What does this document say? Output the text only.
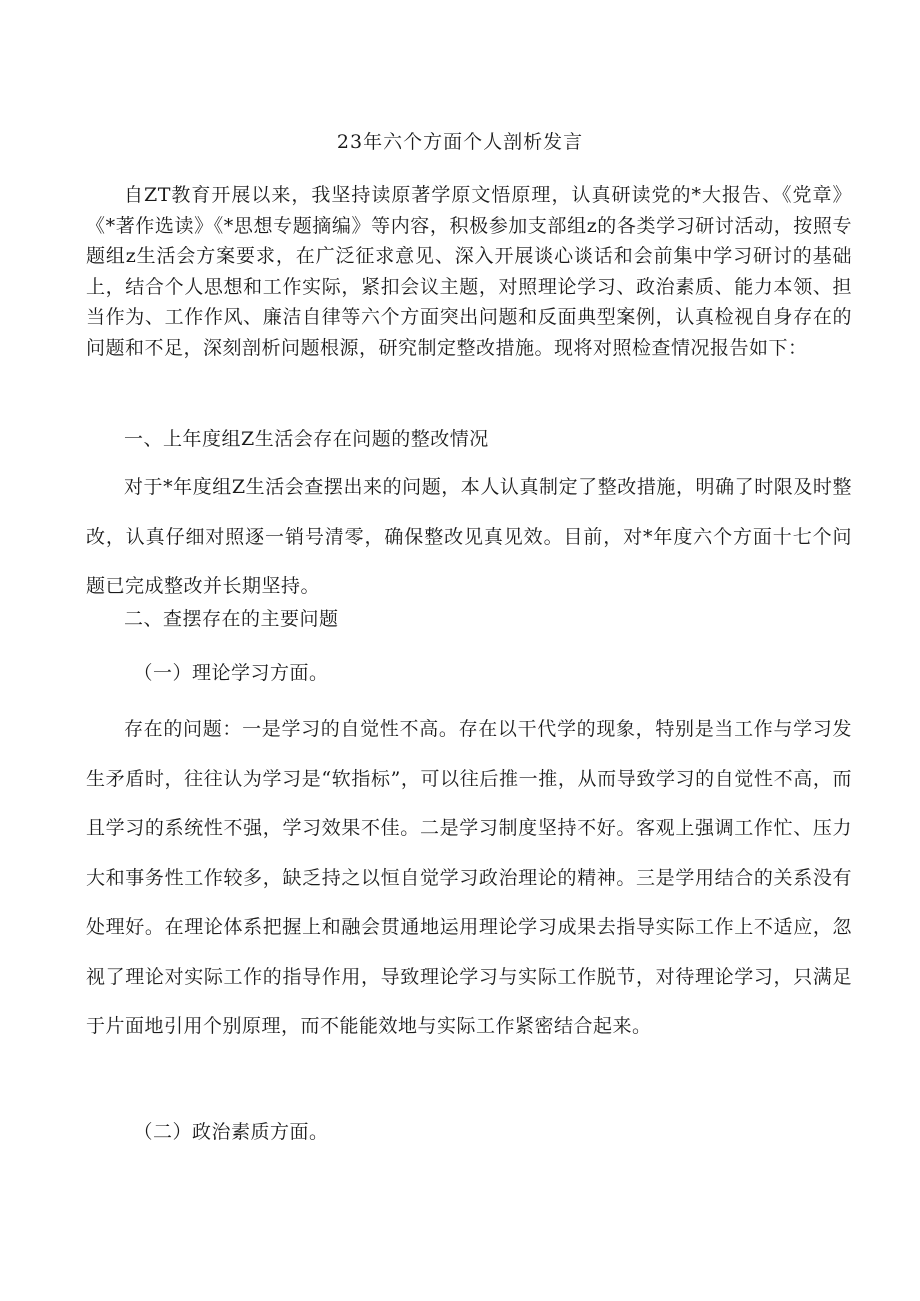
23年六个方面个人剖析发言

自ZT教育开展以来，我坚持读原著学原文悟原理，认真研读党的*大报告、《党章》《*著作选读》《*思想专题摘编》等内容，积极参加支部组z的各类学习研讨活动，按照专题组z生活会方案要求，在广泛征求意见、深入开展谈心谈话和会前集中学习研讨的基础上，结合个人思想和工作实际，紧扣会议主题，对照理论学习、政治素质、能力本领、担当作为、工作作风、廉洁自律等六个方面突出问题和反面典型案例，认真检视自身存在的问题和不足，深刻剖析问题根源，研究制定整改措施。现将对照检查情况报告如下：

一、上年度组Z生活会存在问题的整改情况

对于*年度组Z生活会查摆出来的问题，本人认真制定了整改措施，明确了时限及时整改，认真仔细对照逐一销号清零，确保整改见真见效。目前，对*年度六个方面十七个问题已完成整改并长期坚持。

二、查摆存在的主要问题

（一）理论学习方面。

存在的问题：一是学习的自觉性不高。存在以干代学的现象，特别是当工作与学习发生矛盾时，往往认为学习是“软指标”，可以往后推一推，从而导致学习的自觉性不高，而且学习的系统性不强，学习效果不佳。二是学习制度坚持不好。客观上强调工作忙、压力大和事务性工作较多，缺乏持之以恒自觉学习政治理论的精神。三是学用结合的关系没有处理好。在理论体系把握上和融会贯通地运用理论学习成果去指导实际工作上不适应，忽视了理论对实际工作的指导作用，导致理论学习与实际工作脱节，对待理论学习，只满足于片面地引用个别原理，而不能能效地与实际工作紧密结合起来。

（二）政治素质方面。
